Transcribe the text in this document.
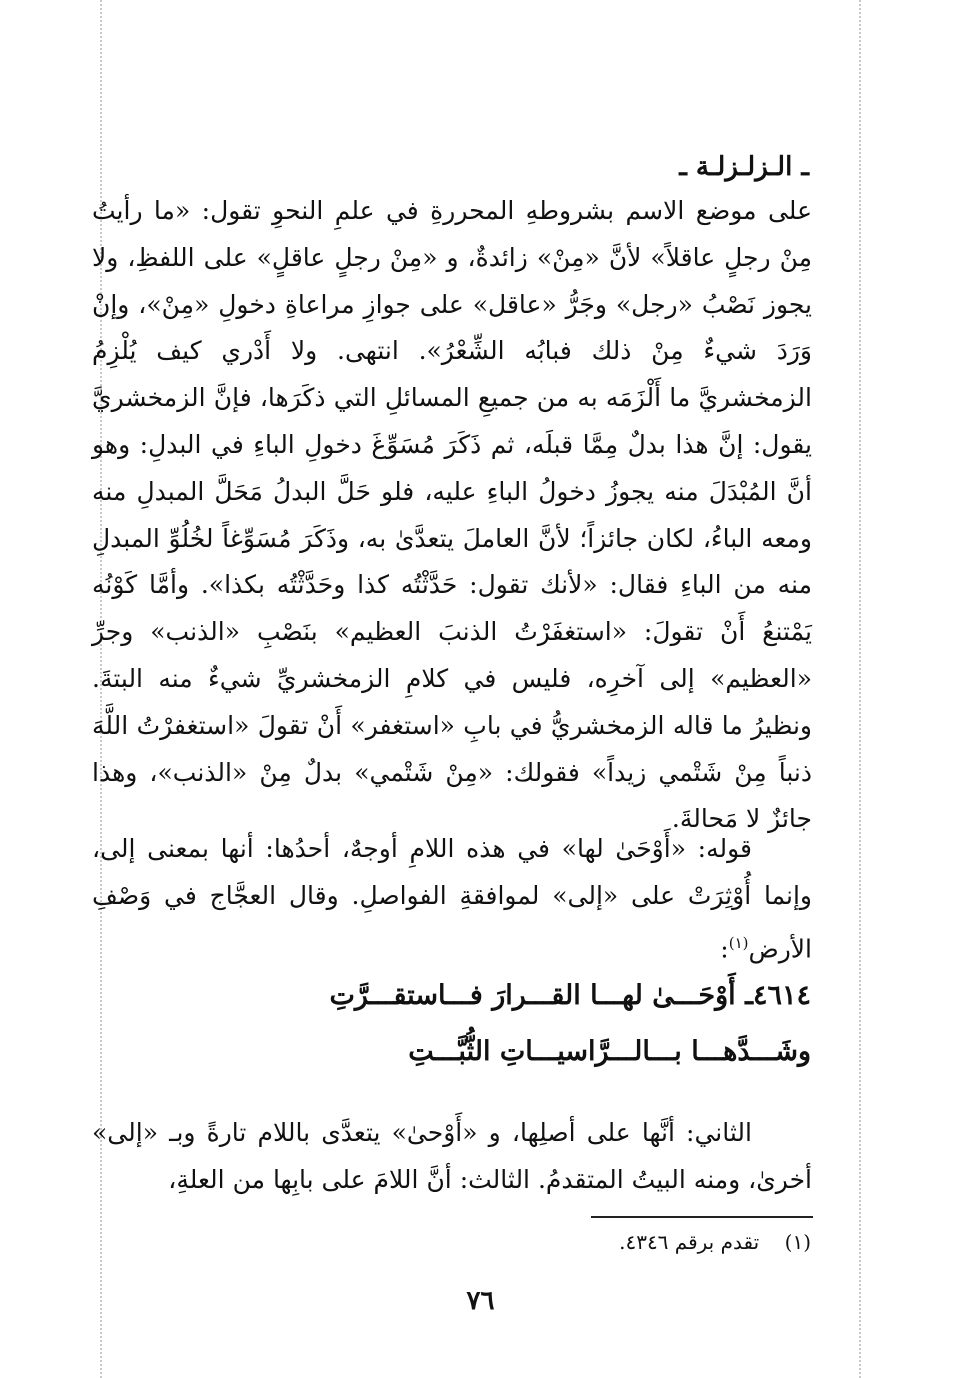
ـ الـزلـزلـة ـ

على موضع الاسم بشروطهِ المحررةِ في علمِ النحوِ تقول: «ما رأيتُ مِنْ رجلٍ عاقلاً» لأنَّ «مِنْ» زائدةٌ، و «مِنْ رجلٍ عاقلٍ» على اللفظِ، ولا يجوز نَصْبُ «رجل» وجَرُّ «عاقل» على جوازِ مراعاةِ دخولِ «مِنْ»، وإنْ وَرَدَ شيءٌ مِنْ ذلك فبابُه الشِّعْرُ». انتهى. ولا أَدْري كيف يُلْزِمُ الزمخشريَّ ما أَلْزَمَه به من جميعِ المسائلِ التي ذكَرَها، فإنَّ الزمخشريَّ يقول: إنَّ هذا بدلٌ مِمَّا قبلَه، ثم ذَكَرَ مُسَوِّغَ دخولِ الباءِ في البدلِ: وهو أنَّ المُبْدَلَ منه يجوزُ دخولُ الباءِ عليه، فلو حَلَّ البدلُ مَحَلَّ المبدلِ منه ومعه الباءُ، لكان جائزاً؛ لأنَّ العاملَ يتعدَّىٰ به، وذَكَرَ مُسَوِّغاً لخُلُوِّ المبدلِ منه من الباءِ فقال: «لأنك تقول: حَدَّثْتُه كذا وحَدَّثْتُه بكذا». وأمَّا كَوْنُه يَمْتنعُ أَنْ تقولَ: «استغفَرْتُ الذنبَ العظيم» بنَصْبِ «الذنب» وجرِّ «العظيم» إلى آخرِه، فليس في كلامِ الزمخشريِّ شيءٌ منه البتةَ. ونظيرُ ما قاله الزمخشريُّ في بابِ «استغفر» أَنْ تقولَ «استغفرْتُ اللَّهَ ذنباً مِنْ شَتْمي زيداً» فقولك: «مِنْ شَتْمي» بدلٌ مِنْ «الذنب»، وهذا جائزٌ لا مَحالةَ.

قوله: «أَوْحَىٰ لها» في هذه اللامِ أوجهٌ، أحدُها: أنها بمعنى إلى، وإنما أُوْثِرَتْ على «إلى» لموافقةِ الفواصلِ. وقال العجَّاج في وَصْفِ الأرض$^{(١)}$:

٤٦١٤ـ أَوْحَـــىٰ لهـــا القـــرارَ فـــاستقـــرَّتِ
وشَـــدَّهـــا بـــالـــرَّاسيـــاتِ الثُّبَّـــتِ

الثاني: أنَّها على أصلِها، و «أَوْحىٰ» يتعدَّى باللام تارةً وبـ «إلى» أخرىٰ، ومنه البيتُ المتقدمُ. الثالث: أنَّ اللامَ على بابِها من العلةِ،

(١)    تقدم برقم ٤٣٤٦.
٧٦
